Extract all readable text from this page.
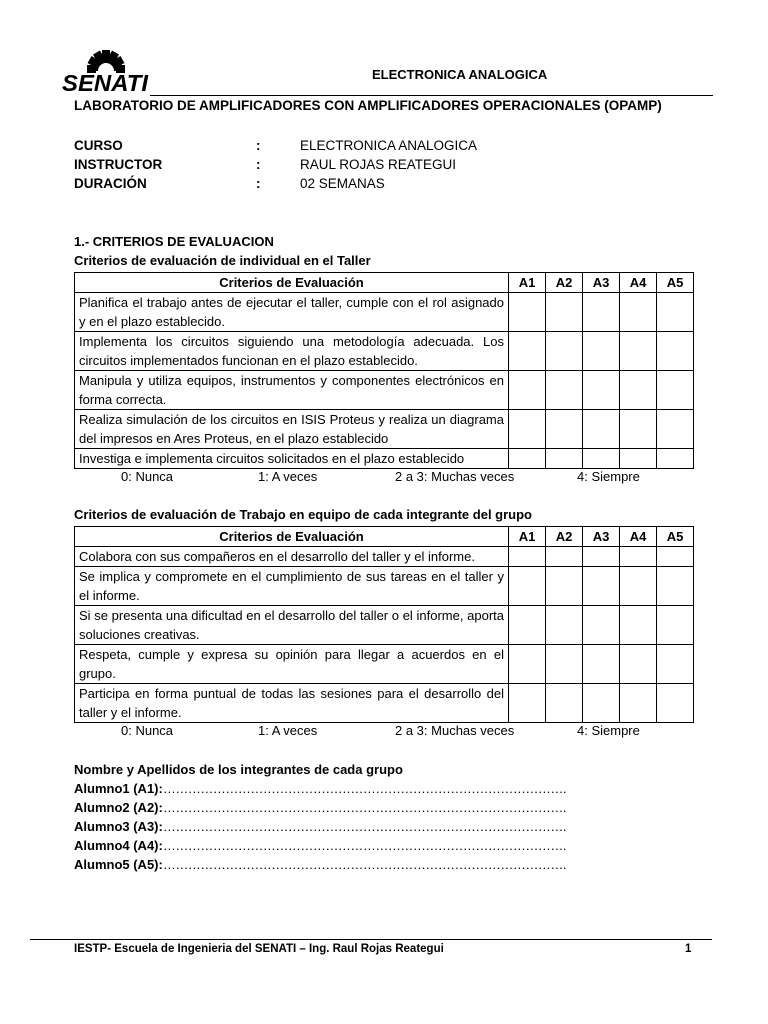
SENATI	ELECTRONICA ANALOGICA
LABORATORIO DE AMPLIFICADORES CON AMPLIFICADORES OPERACIONALES (OPAMP)
CURSO	:	ELECTRONICA ANALOGICA
INSTRUCTOR	:	RAUL ROJAS REATEGUI
DURACIÓN	:	02 SEMANAS
1.- CRITERIOS DE EVALUACION
Criterios de evaluación de individual en el Taller
Criterios de Evaluación	A1	A2	A3	A4	A5
Planifica el trabajo antes de ejecutar el taller, cumple con el rol asignado y en el plazo establecido.					
Implementa los circuitos siguiendo una metodología adecuada. Los circuitos implementados funcionan en el plazo establecido.					
Manipula y utiliza equipos, instrumentos y componentes electrónicos en forma correcta.					
Realiza simulación de los circuitos en ISIS Proteus y realiza un diagrama del impresos en Ares Proteus, en el plazo establecido					
Investiga e implementa circuitos solicitados en el plazo establecido					
0: Nunca	1: A veces	2 a 3: Muchas veces	4: Siempre
Criterios de evaluación de Trabajo en equipo de cada integrante del grupo
Criterios de Evaluación	A1	A2	A3	A4	A5
Colabora con sus compañeros en el desarrollo del taller y el informe.					
Se implica y compromete en el cumplimiento de sus tareas en el taller y el informe.					
Si se presenta una dificultad en el desarrollo del taller o el informe, aporta soluciones creativas.					
Respeta, cumple y expresa su opinión para llegar a acuerdos en el grupo.					
Participa en forma puntual de todas las sesiones para el desarrollo del taller y el informe.					
0: Nunca	1: A veces	2 a 3: Muchas veces	4: Siempre
Nombre y Apellidos de los integrantes de cada grupo
Alumno1 (A1):…………………………………………………………………………………….
Alumno2 (A2):…………………………………………………………………………………….
Alumno3 (A3):…………………………………………………………………………………….
Alumno4 (A4):…………………………………………………………………………………….
Alumno5 (A5):…………………………………………………………………………………….
IESTP- Escuela de Ingenieria del SENATI – Ing. Raul Rojas Reategui	1
